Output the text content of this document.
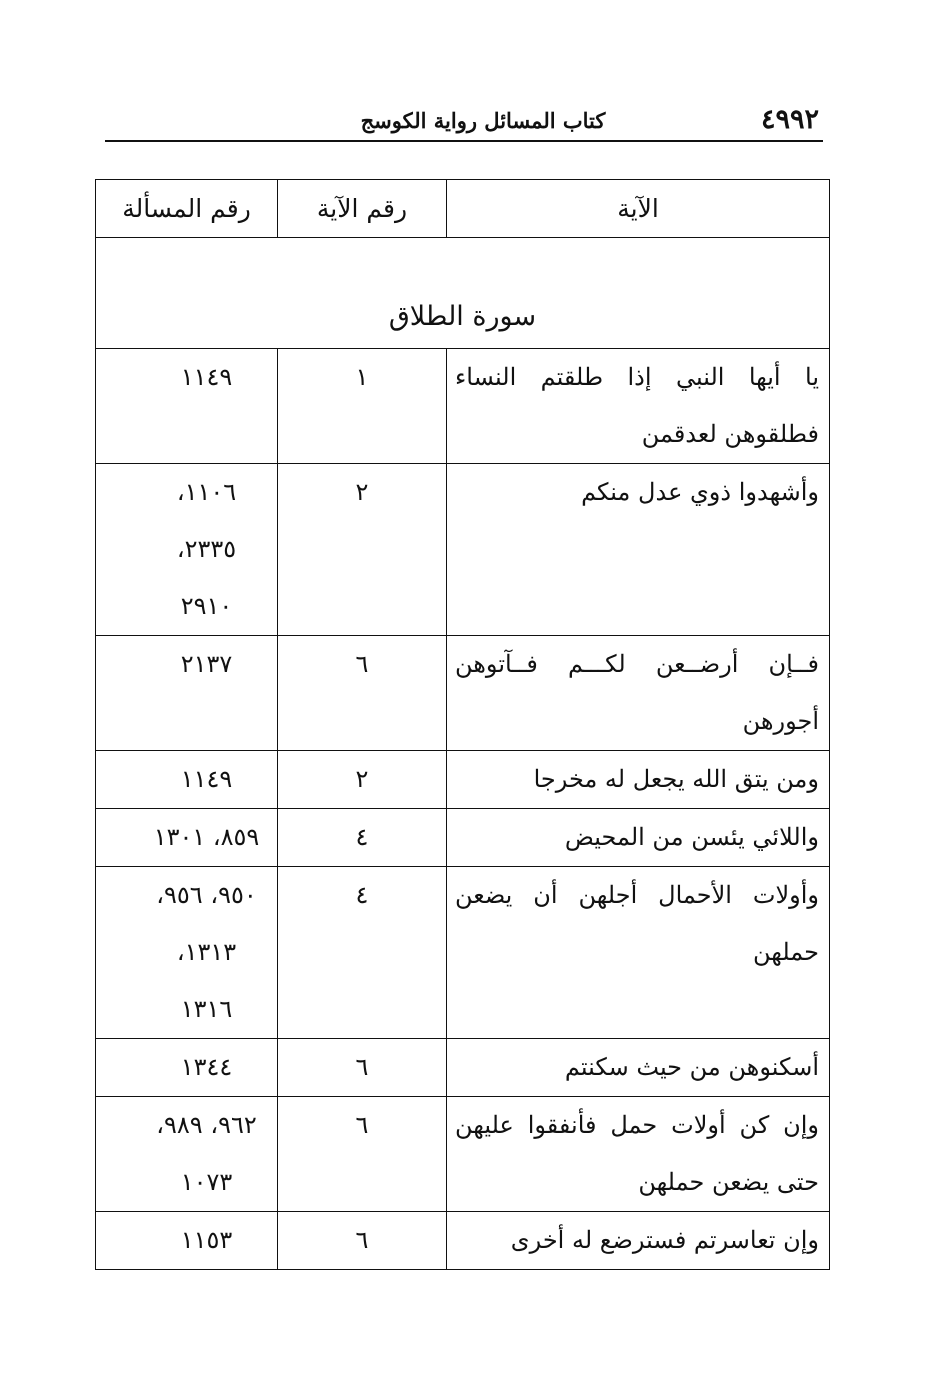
٤٩٩٢
كتاب المسائل رواية الكوسج
الآية	رقم الآية	رقم المسألة
سورة الطلاق		

يا أيها النبي إذا طلقتم النساء
فطلقوهن لعدقمن	١	١١٤٩

وأشهدوا ذوي عدل منكم	٢	١١٠٦،
٢٣٣٥،
٢٩١٠

فــإن أرضــعن لكـــم فــآتوهن
أجورهن	٦	٢١٣٧

ومن يتق الله يجعل له مخرجا	٢	١١٤٩

واللائي يئسن من المحيض	٤	٨٥٩، ١٣٠١

وأولات الأحمال أجلهن أن يضعن
حملهن	٤	٩٥٠، ٩٥٦،
١٣١٣،
١٣١٦

أسكنوهن من حيث سكنتم	٦	١٣٤٤

وإن كن أولات حمل فأنفقوا عليهن
حتى يضعن حملهن	٦	٩٦٢، ٩٨٩،
١٠٧٣

وإن تعاسرتم فسترضع له أخرى	٦	١١٥٣
